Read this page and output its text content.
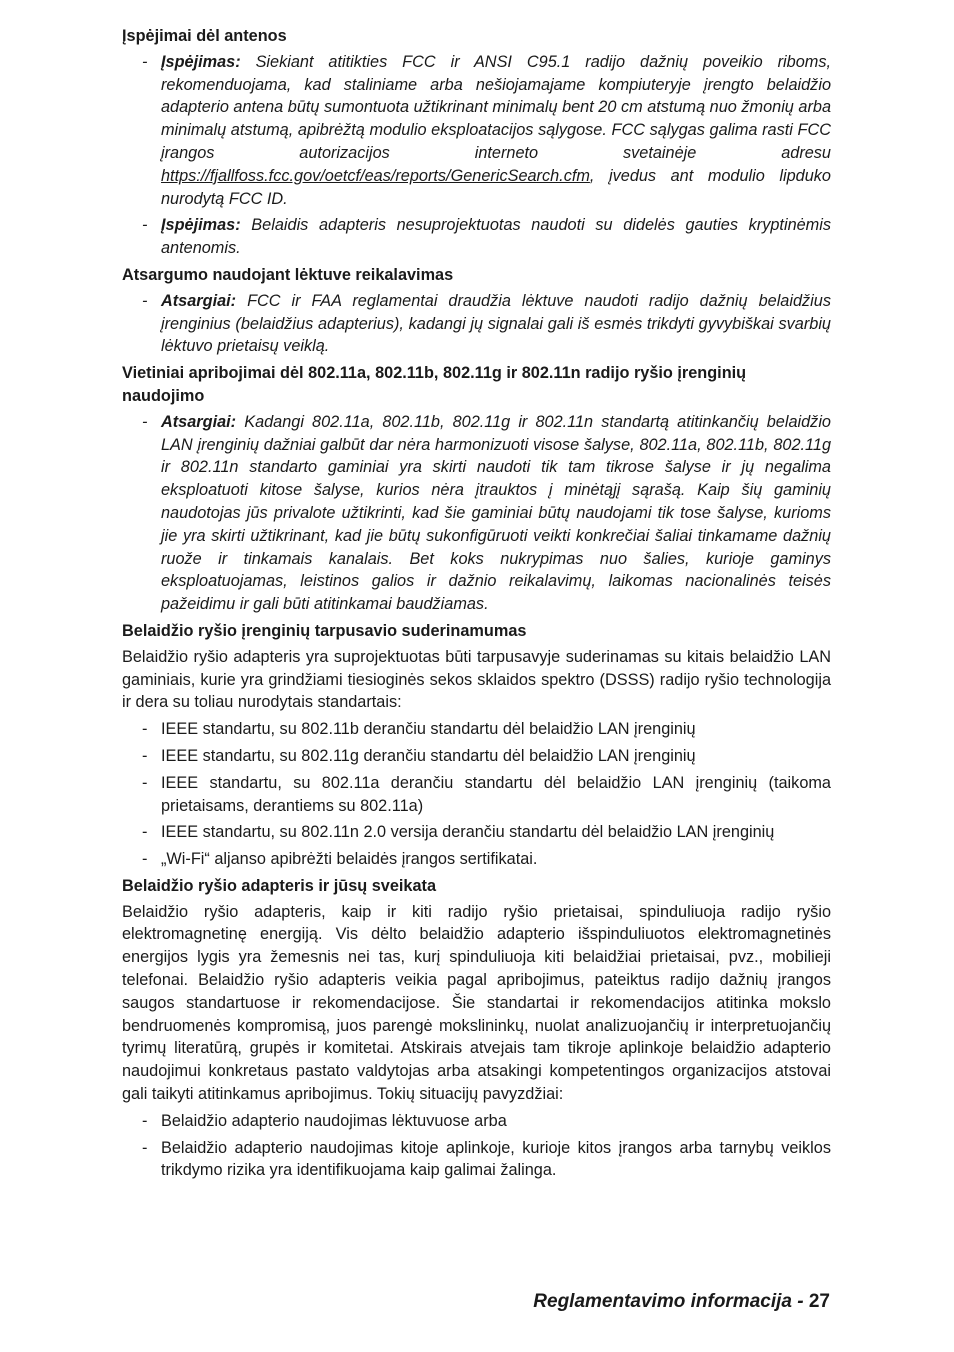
Įspėjimai dėl antenos
- Įspėjimas: Siekiant atitikties FCC ir ANSI C95.1 radijo dažnių poveikio riboms, rekomenduojama, kad staliniame arba nešiojamajame kompiuteryje įrengto belaidžio adapterio antena būtų sumontuota užtikrinant minimalų bent 20 cm atstumą nuo žmonių arba minimalų atstumą, apibrėžtą modulio eksploatacijos sąlygose. FCC sąlygas galima rasti FCC įrangos autorizacijos interneto svetainėje adresu https://fjallfoss.fcc.gov/oetcf/eas/reports/GenericSearch.cfm, įvedus ant modulio lipduko nurodytą FCC ID.
- Įspėjimas: Belaidis adapteris nesuprojektuotas naudoti su didelės gauties kryptinėmis antenomis.
Atsargumo naudojant lėktuve reikalavimas
- Atsargiai: FCC ir FAA reglamentai draudžia lėktuve naudoti radijo dažnių belaidžius įrenginius (belaidžius adapterius), kadangi jų signalai gali iš esmės trikdyti gyvybiškai svarbių lėktuvo prietaisų veiklą.
Vietiniai apribojimai dėl 802.11a, 802.11b, 802.11g ir 802.11n radijo ryšio įrenginių naudojimo
- Atsargiai: Kadangi 802.11a, 802.11b, 802.11g ir 802.11n standartą atitinkančių belaidžio LAN įrenginių dažniai galbūt dar nėra harmonizuoti visose šalyse, 802.11a, 802.11b, 802.11g ir 802.11n standarto gaminiai yra skirti naudoti tik tam tikrose šalyse ir jų negalima eksploatuoti kitose šalyse, kurios nėra įtrauktos į minėtąjį sąrašą. Kaip šių gaminių naudotojas jūs privalote užtikrinti, kad šie gaminiai būtų naudojami tik tose šalyse, kurioms jie yra skirti užtikrinant, kad jie būtų sukonfigūruoti veikti konkrečiai šaliai tinkamame dažnių ruože ir tinkamais kanalais. Bet koks nukrypimas nuo šalies, kurioje gaminys eksploatuojamas, leistinos galios ir dažnio reikalavimų, laikomas nacionalinės teisės pažeidimu ir gali būti atitinkamai baudžiamas.
Belaidžio ryšio įrenginių tarpusavio suderinamumas
Belaidžio ryšio adapteris yra suprojektuotas būti tarpusavyje suderinamas su kitais belaidžio LAN gaminiais, kurie yra grindžiami tiesioginės sekos sklaidos spektro (DSSS) radijo ryšio technologija ir dera su toliau nurodytais standartais:
- IEEE standartu, su 802.11b derančiu standartu dėl belaidžio LAN įrenginių
- IEEE standartu, su 802.11g derančiu standartu dėl belaidžio LAN įrenginių
- IEEE standartu, su 802.11a derančiu standartu dėl belaidžio LAN įrenginių (taikoma prietaisams, derantiems su 802.11a)
- IEEE standartu, su 802.11n 2.0 versija derančiu standartu dėl belaidžio LAN įrenginių
- „Wi-Fi“ aljanso apibrėžti belaidės įrangos sertifikatai.
Belaidžio ryšio adapteris ir jūsų sveikata
Belaidžio ryšio adapteris, kaip ir kiti radijo ryšio prietaisai, spinduliuoja radijo ryšio elektromagnetinę energiją. Vis dėlto belaidžio adapterio išspinduliuotos elektromagnetinės energijos lygis yra žemesnis nei tas, kurį spinduliuoja kiti belaidžiai prietaisai, pvz., mobilieji telefonai. Belaidžio ryšio adapteris veikia pagal apribojimus, pateiktus radijo dažnių įrangos saugos standartuose ir rekomendacijose. Šie standartai ir rekomendacijos atitinka mokslo bendruomenės kompromisą, juos parengė mokslininkų, nuolat analizuojančių ir interpretuojančių tyrimų literatūrą, grupės ir komitetai. Atskirais atvejais tam tikroje aplinkoje belaidžio adapterio naudojimui konkretaus pastato valdytojas arba atsakingi kompetentingos organizacijos atstovai gali taikyti atitinkamus apribojimus. Tokių situacijų pavyzdžiai:
- Belaidžio adapterio naudojimas lėktuvuose arba
- Belaidžio adapterio naudojimas kitoje aplinkoje, kurioje kitos įrangos arba tarnybų veiklos trikdymo rizika yra identifikuojama kaip galimai žalinga.
Reglamentavimo informacija - 27
